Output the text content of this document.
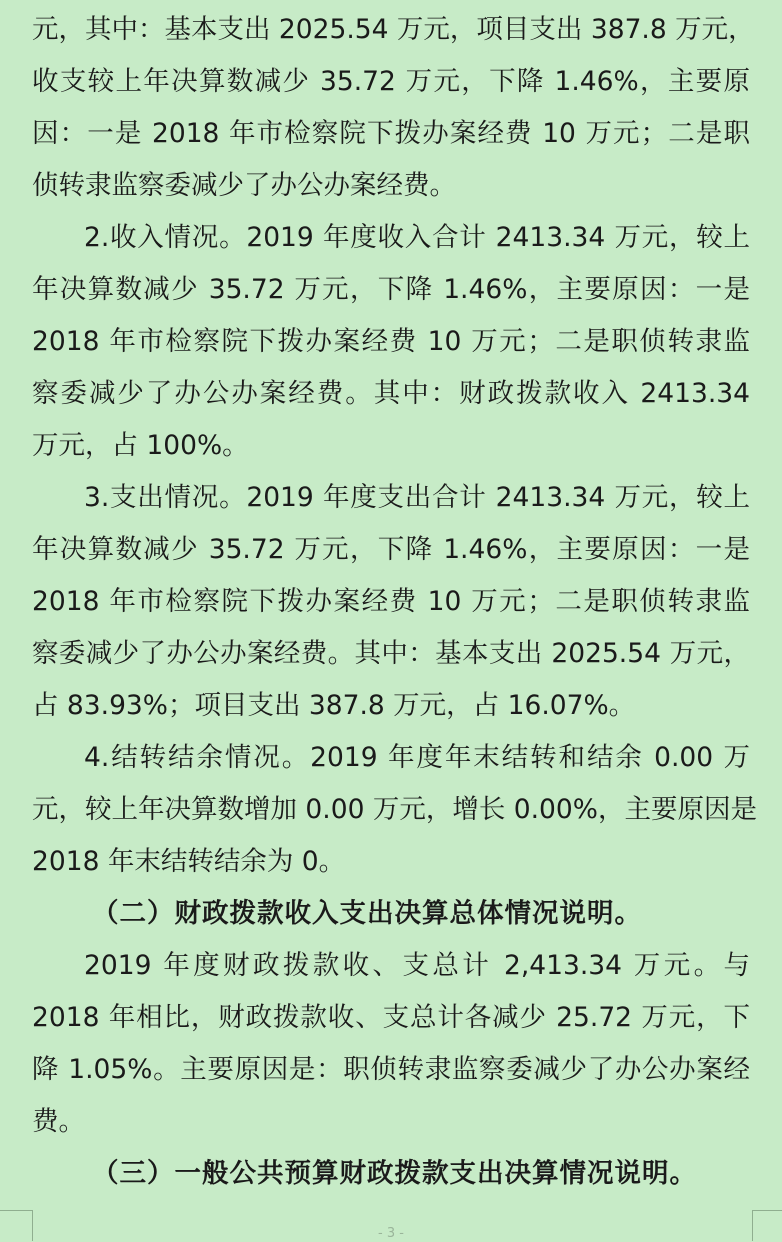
元，其中：基本支出 2025.54 万元，项目支出 387.8 万元，
收支较上年决算数减少 35.72 万元，下降 1.46%，主要原
因：一是 2018 年市检察院下拨办案经费 10 万元；二是职
侦转隶监察委减少了办公办案经费。
2.收入情况。2019 年度收入合计 2413.34 万元，较上
年决算数减少 35.72 万元，下降 1.46%，主要原因：一是
2018 年市检察院下拨办案经费 10 万元；二是职侦转隶监
察委减少了办公办案经费。其中：财政拨款收入 2413.34
万元，占 100%。
3.支出情况。2019 年度支出合计 2413.34 万元，较上
年决算数减少 35.72 万元，下降 1.46%，主要原因：一是
2018 年市检察院下拨办案经费 10 万元；二是职侦转隶监
察委减少了办公办案经费。其中：基本支出 2025.54 万元，
占 83.93%；项目支出 387.8 万元，占 16.07%。
4.结转结余情况。2019 年度年末结转和结余 0.00 万
元，较上年决算数增加 0.00 万元，增长 0.00%，主要原因是
2018 年末结转结余为 0。
（二）财政拨款收入支出决算总体情况说明。
2019 年度财政拨款收、支总计 2,413.34 万元。与
2018 年相比，财政拨款收、支总计各减少 25.72 万元，下
降 1.05%。主要原因是：职侦转隶监察委减少了办公办案经
费。
（三）一般公共预算财政拨款支出决算情况说明。
- 3 -
